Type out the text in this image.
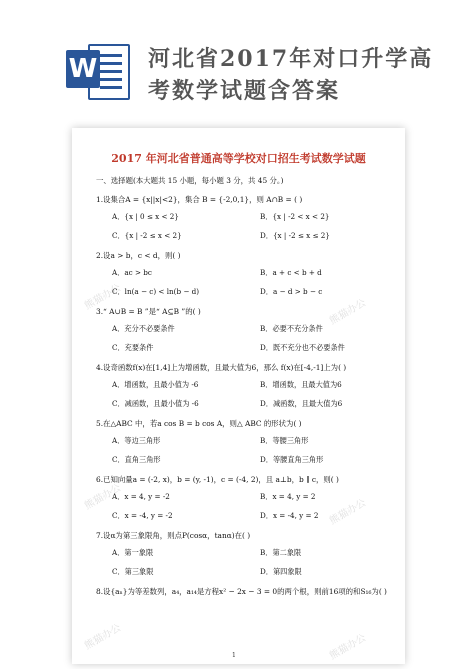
W 河北省2017年对口升学高
考数学试题含答案
熊猫办公
熊猫办公
熊猫办公
熊猫办公
熊猫办公	熊猫办公
2017 年河北省普通高等学校对口招生考试数学试题
一、选择题(本大题共 15 小题，每小题 3 分，共 45 分。)
1.设集合A = {x||x|<2}，集合 B = {-2,0,1}，则 A∩B = ( )
A．{x | 0 ≤ x < 2}	B．{x | -2 < x < 2}
C．{x | -2 ≤ x < 2}	D．{x | -2 ≤ x ≤ 2}
2.设a > b，c < d，则( )
A．ac > bc	B．a + c < b + d
C．ln(a − c) < ln(b − d)	D．a − d > b − c
3.“ A∪B = B ”是“ A⊆B ”的( )
A．充分不必要条件	B．必要不充分条件
C．充要条件	D．既不充分也不必要条件
4.设奇函数f(x)在[1,4]上为增函数，且最大值为6，那么 f(x)在[-4,-1]上为( )
A．增函数，且最小值为 -6	B．增函数，且最大值为6
C．减函数，且最小值为 -6	D．减函数，且最大值为6
5.在△ABC 中，若a cos B = b cos A，则△ ABC 的形状为( )
A．等边三角形	B．等腰三角形
C．直角三角形	D．等腰直角三角形
6.已知向量a = (-2, x)，b = (y, -1)，c = (-4, 2)，且 a⊥b，b ∥ c，则( )
A．x = 4, y = -2	B．x = 4, y = 2
C．x = -4, y = -2	D．x = -4, y = 2
7.设α为第三象限角，则点P(cosα，tanα)在( )
A．第一象限	B．第二象限
C．第三象限	D．第四象限
8.设{aₙ}为等差数列，a₄，a₁₄是方程x² − 2x − 3 = 0的两个根，则前16项的和S₁₆为( )
1
